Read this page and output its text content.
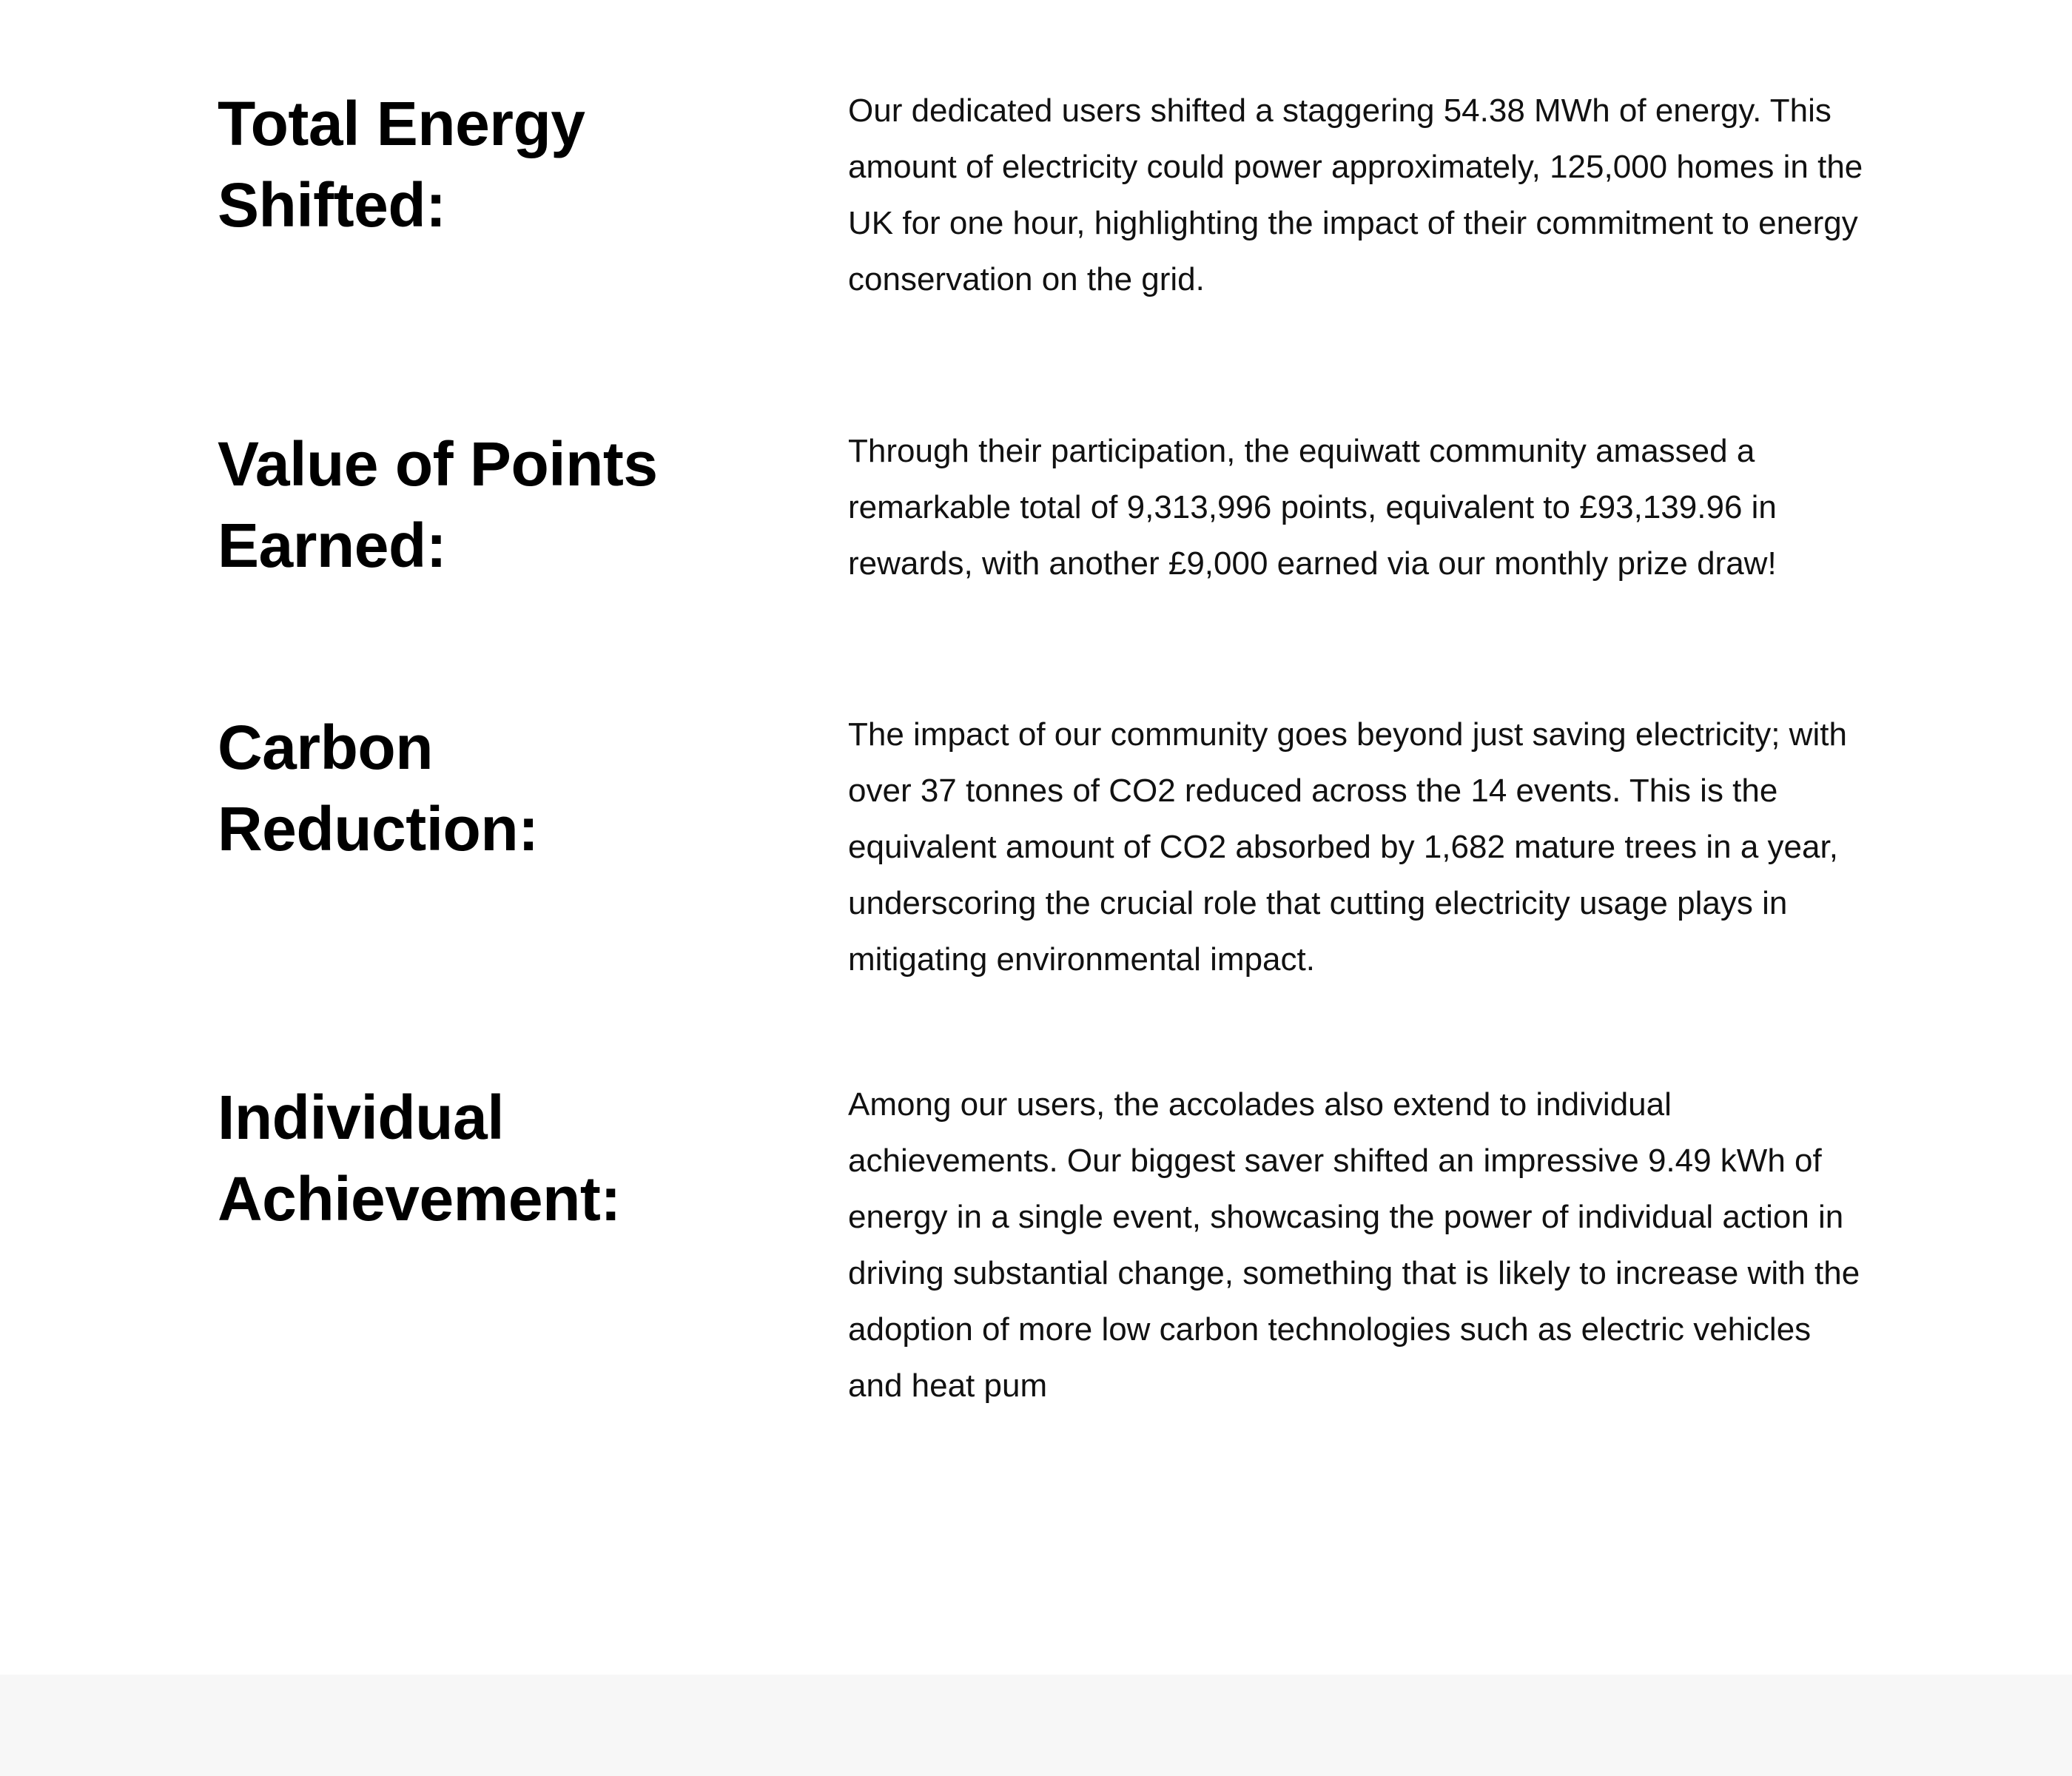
Total Energy
Shifted:

Our dedicated users shifted a staggering 54.38 MWh of energy. This amount of electricity could power approximately, 125,000 homes in the UK for one hour, highlighting the impact of their commitment to energy conservation on the grid.

Value of Points
Earned:

Through their participation, the equiwatt community amassed a remarkable total of 9,313,996 points, equivalent to £93,139.96 in rewards, with another £9,000 earned via our monthly prize draw!

Carbon
Reduction:

The impact of our community goes beyond just saving electricity; with over 37 tonnes of CO2 reduced across the 14 events. This is the equivalent amount of CO2 absorbed by 1,682 mature trees in a year, underscoring the crucial role that cutting electricity usage plays in mitigating environmental impact.

Individual
Achievement:

Among our users, the accolades also extend to individual achievements. Our biggest saver shifted an impressive 9.49 kWh of energy in a single event, showcasing the power of individual action in driving substantial change, something that is likely to increase with the adoption of more low carbon technologies such as electric vehicles and heat pum
